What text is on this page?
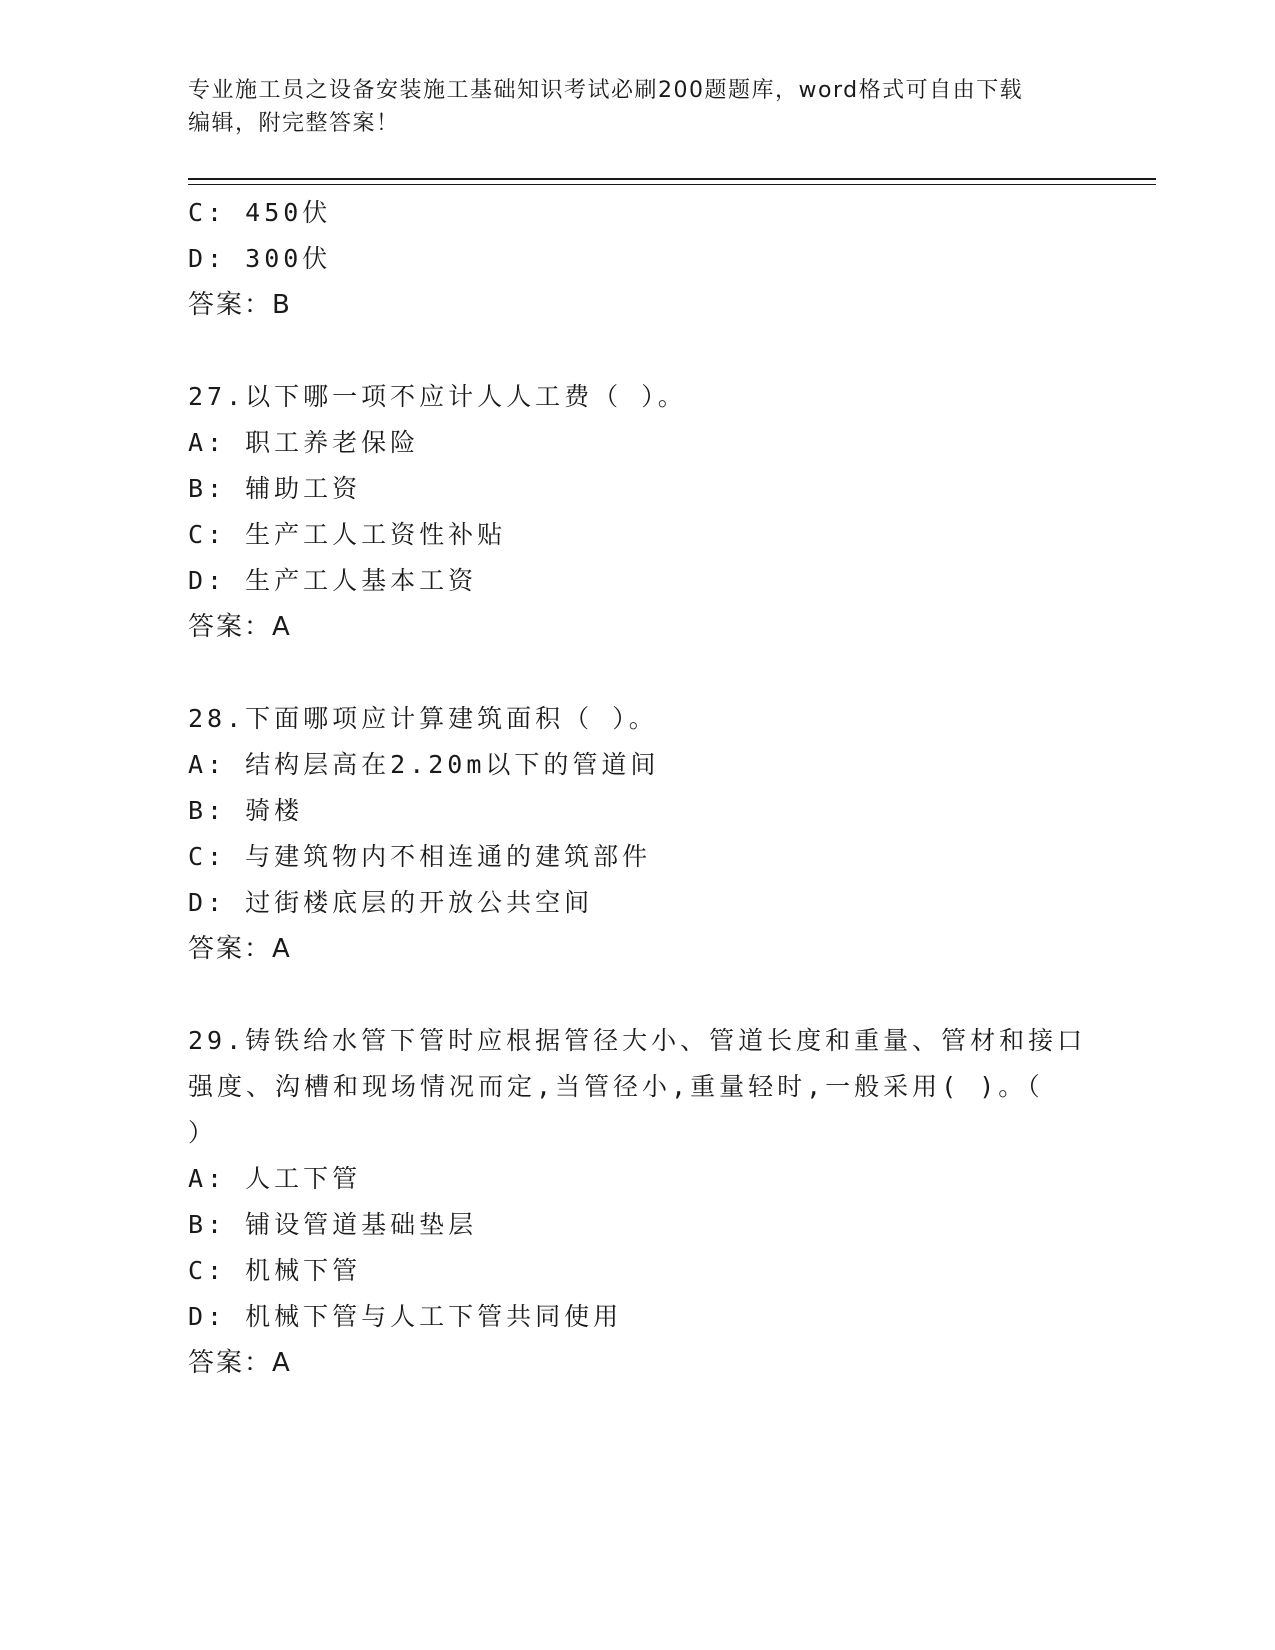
专业施工员之设备安装施工基础知识考试必刷200题题库，word格式可自由下载
编辑，附完整答案！
C: 450伏
D: 300伏
答案：B
27.以下哪一项不应计人人工费（ ）。
A: 职工养老保险
B: 辅助工资
C: 生产工人工资性补贴
D: 生产工人基本工资
答案：A
28.下面哪项应计算建筑面积（ ）。
A: 结构层高在2.20m以下的管道间
B: 骑楼
C: 与建筑物内不相连通的建筑部件
D: 过街楼底层的开放公共空间
答案：A
29.铸铁给水管下管时应根据管径大小、管道长度和重量、管材和接口
强度、沟槽和现场情况而定,当管径小,重量轻时,一般采用( )。（
）
A: 人工下管
B: 铺设管道基础垫层
C: 机械下管
D: 机械下管与人工下管共同使用
答案：A
